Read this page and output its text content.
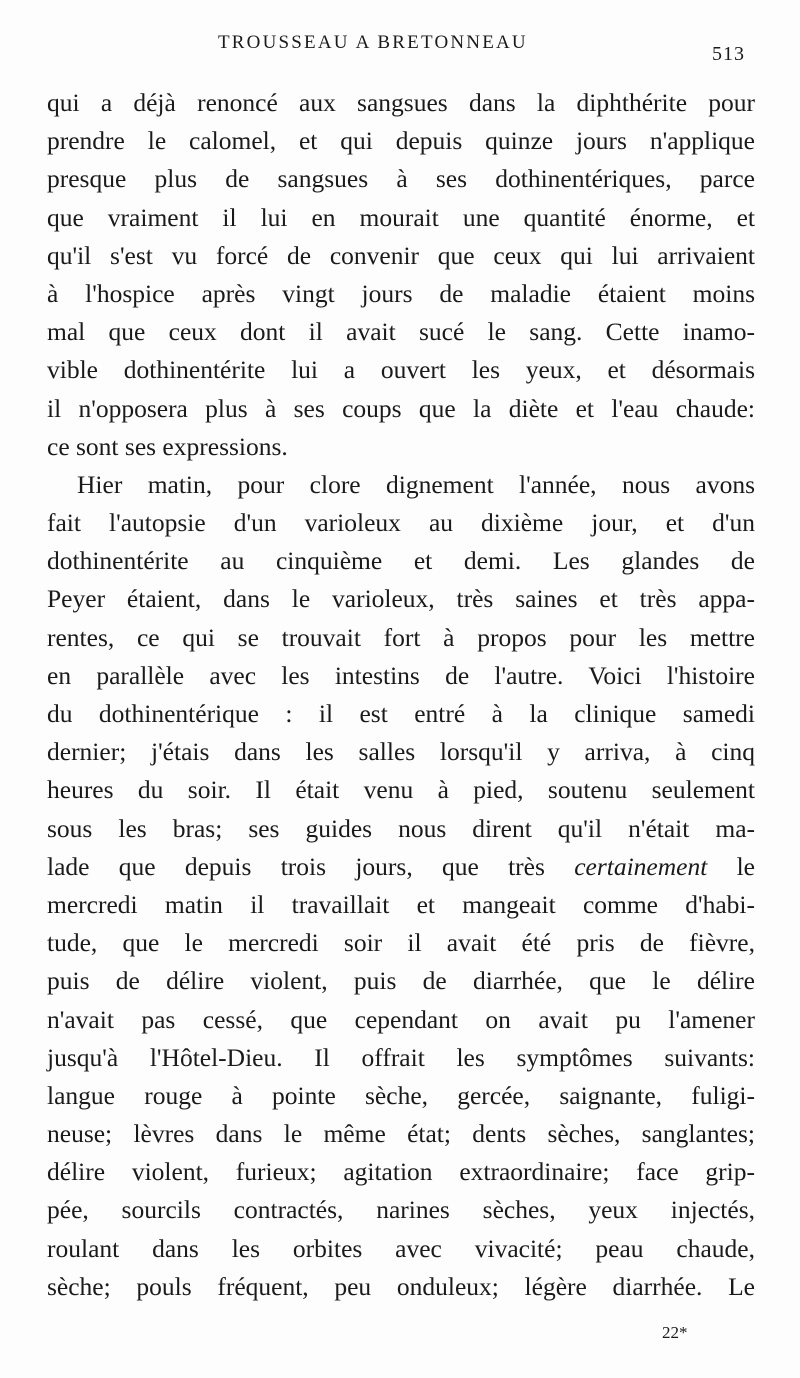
TROUSSEAU A BRETONNEAU
513
qui a déjà renoncé aux sangsues dans la diphthérite pour
prendre le calomel, et qui depuis quinze jours n'applique
presque plus de sangsues à ses dothinentériques, parce
que vraiment il lui en mourait une quantité énorme, et
qu'il s'est vu forcé de convenir que ceux qui lui arrivaient
à l'hospice après vingt jours de maladie étaient moins
mal que ceux dont il avait sucé le sang. Cette inamo-
vible dothinentérite lui a ouvert les yeux, et désormais
il n'opposera plus à ses coups que la diète et l'eau chaude:
ce sont ses expressions.
Hier matin, pour clore dignement l'année, nous avons
fait l'autopsie d'un varioleux au dixième jour, et d'un
dothinentérite au cinquième et demi. Les glandes de
Peyer étaient, dans le varioleux, très saines et très appa-
rentes, ce qui se trouvait fort à propos pour les mettre
en parallèle avec les intestins de l'autre. Voici l'histoire
du dothinentérique : il est entré à la clinique samedi
dernier; j'étais dans les salles lorsqu'il y arriva, à cinq
heures du soir. Il était venu à pied, soutenu seulement
sous les bras; ses guides nous dirent qu'il n'était ma-
lade que depuis trois jours, que très certainement le
mercredi matin il travaillait et mangeait comme d'habi-
tude, que le mercredi soir il avait été pris de fièvre,
puis de délire violent, puis de diarrhée, que le délire
n'avait pas cessé, que cependant on avait pu l'amener
jusqu'à l'Hôtel-Dieu. Il offrait les symptômes suivants:
langue rouge à pointe sèche, gercée, saignante, fuligi-
neuse; lèvres dans le même état; dents sèches, sanglantes;
délire violent, furieux; agitation extraordinaire; face grip-
pée, sourcils contractés, narines sèches, yeux injectés,
roulant dans les orbites avec vivacité; peau chaude,
sèche; pouls fréquent, peu onduleux; légère diarrhée. Le
22*
